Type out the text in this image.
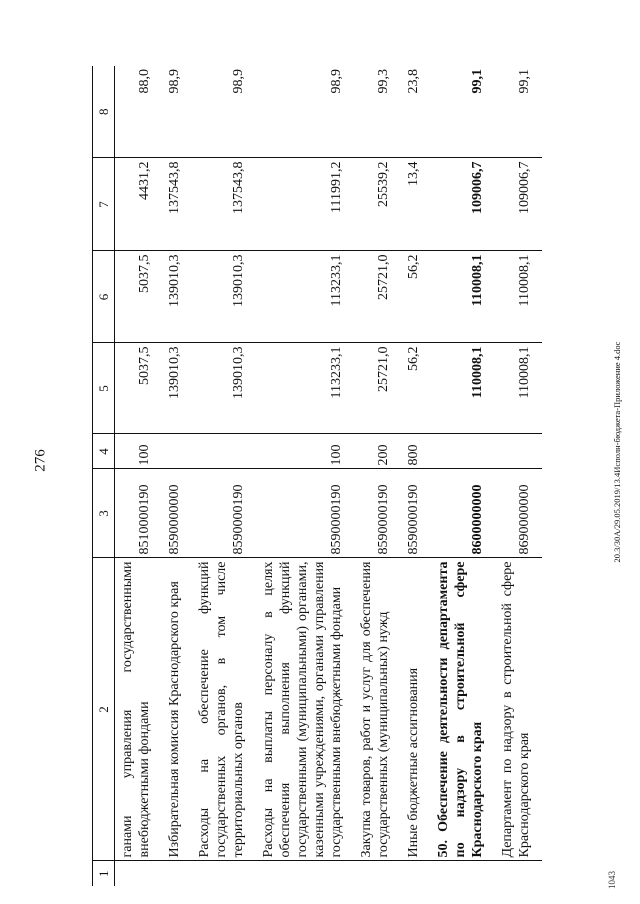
276	20.3/30А/29.05.2019/13.4Исполн-бюджета-Приложение 4.doc
1043
1	2	3	4	5	6	7	8
	ганами управления государственными внебюджетными фондами	8510000190	100	5037,5	5037,5	4431,2	88,0
	Избирательная комиссия Краснодарского края	8590000000		139010,3	139010,3	137543,8	98,9
	Расходы на обеспечение функций государственных органов, в том числе территориальных органов	8590000190		139010,3	139010,3	137543,8	98,9
	Расходы на выплаты персоналу в целях обеспечения выполнения функций государственными (муниципальными) органами, казенными учреждениями, органами управления государственными внебюджетными фондами	8590000190	100	113233,1	113233,1	111991,2	98,9
	Закупка товаров, работ и услуг для обеспечения государственных (муниципальных) нужд	8590000190	200	25721,0	25721,0	25539,2	99,3
	Иные бюджетные ассигнования	8590000190	800	56,2	56,2	13,4	23,8
	50. Обеспечение деятельности департамента по надзору в строительной сфере Краснодарского края	8600000000		110008,1	110008,1	109006,7	99,1
	Департамент по надзору в строительной сфере Краснодарского края	8690000000		110008,1	110008,1	109006,7	99,1
